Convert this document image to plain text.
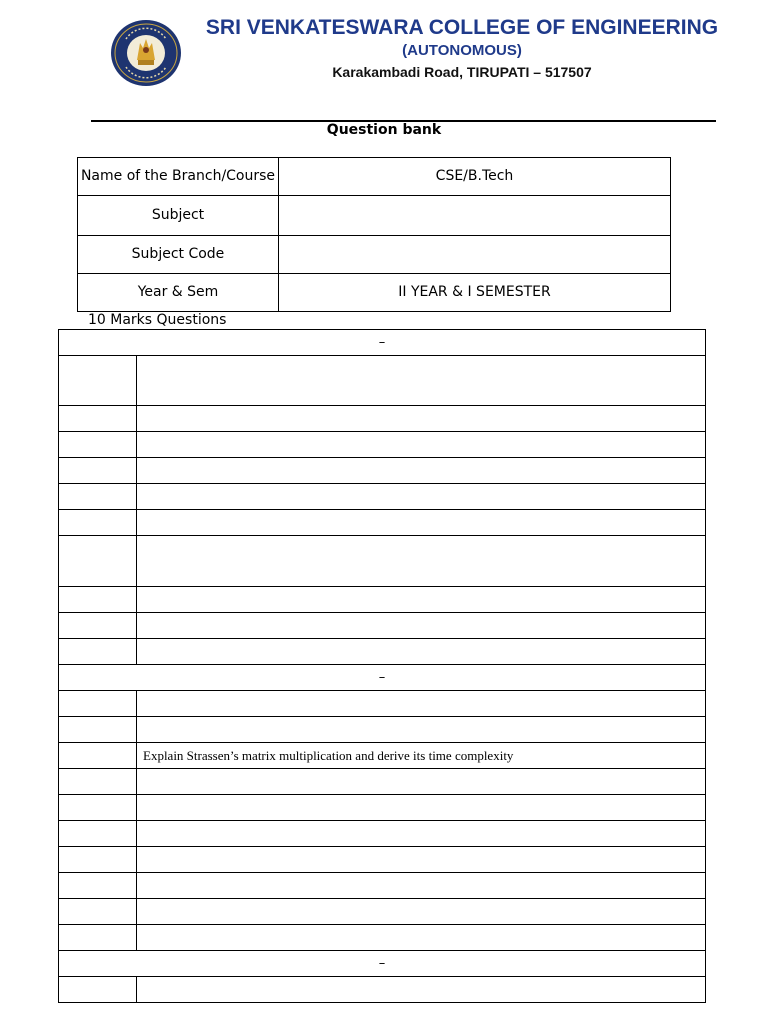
SRI VENKATESWARA COLLEGE OF ENGINEERING
(AUTONOMOUS)
Karakambadi Road, TIRUPATI – 517507
Question bank
Name of the Branch/Course	CSE/B.Tech
Subject	
Subject Code	
Year & Sem	II YEAR & I SEMESTER
10 Marks Questions
–	

–	

	Explain Strassen’s matrix multiplication and derive its time complexity

–	
